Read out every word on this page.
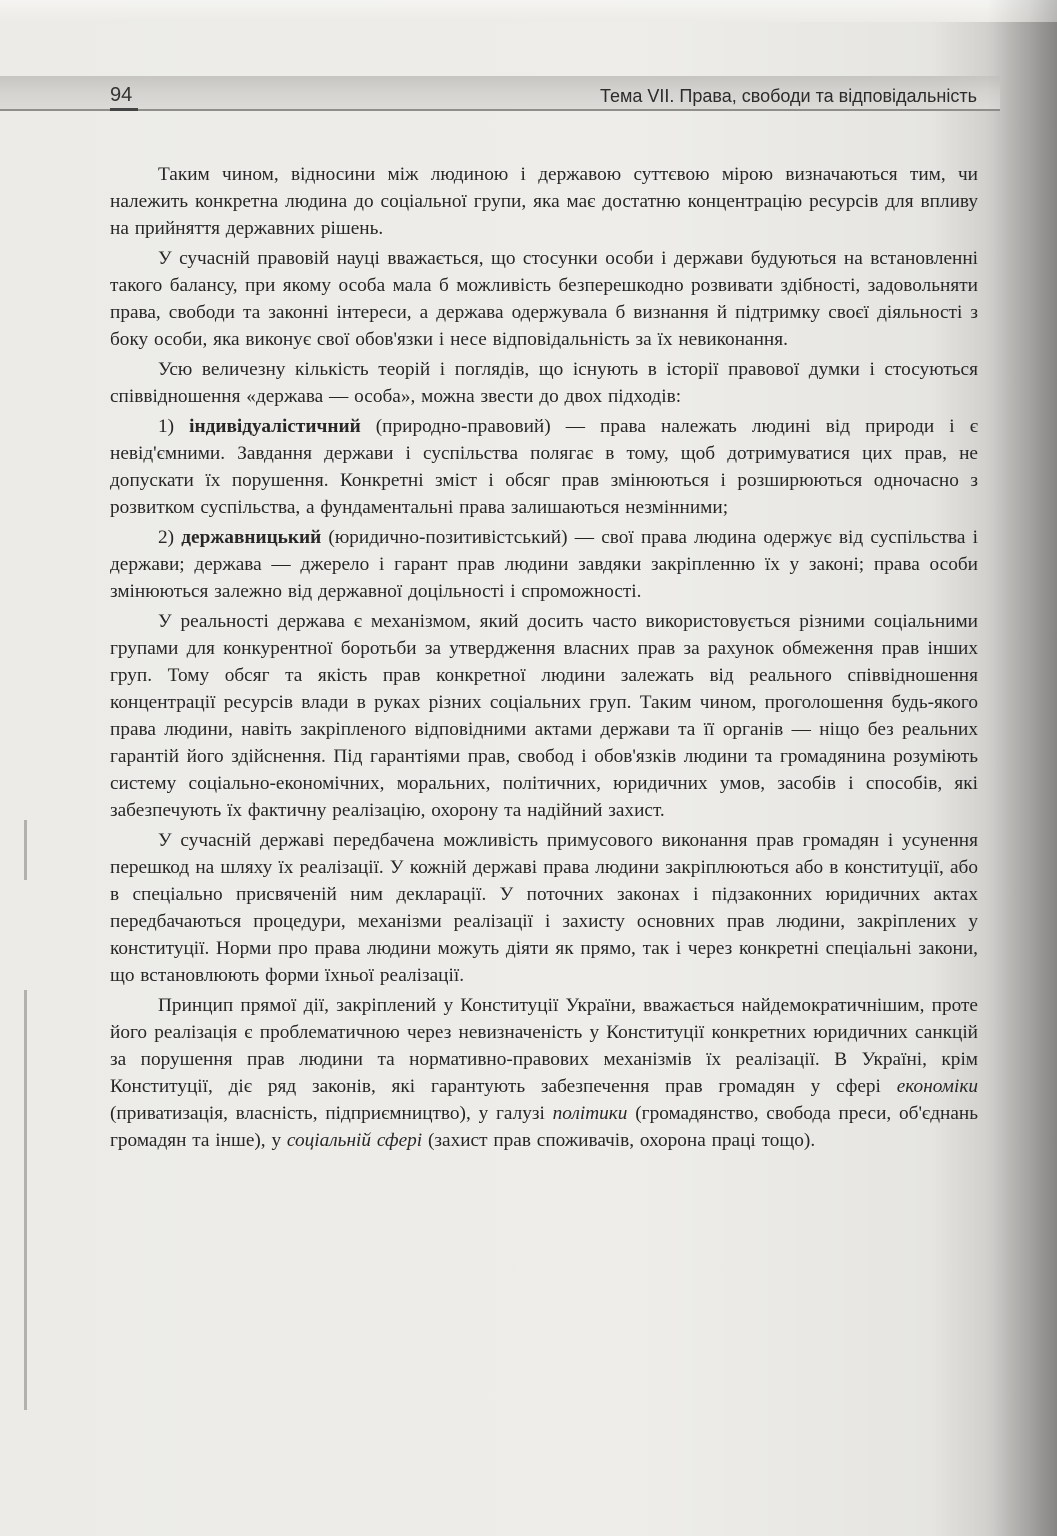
94	Тема VII. Права, свободи та відповідальність

Таким чином, відносини між людиною і державою суттєвою мірою визначаються тим, чи належить конкретна людина до соціальної групи, яка має достатню концентрацію ресурсів для впливу на прийняття державних рішень.

У сучасній правовій науці вважається, що стосунки особи і держави будуються на встановленні такого балансу, при якому особа мала б можливість безперешкодно розвивати здібності, задовольняти права, свободи та законні інтереси, а держава одержувала б визнання й підтримку своєї діяльності з боку особи, яка виконує свої обов'язки і несе відповідальність за їх невиконання.

Усю величезну кількість теорій і поглядів, що існують в історії правової думки і стосуються співвідношення «держава — особа», можна звести до двох підходів:

1) індивідуалістичний (природно-правовий) — права належать людині від природи і є невід'ємними. Завдання держави і суспільства полягає в тому, щоб дотримуватися цих прав, не допускати їх порушення. Конкретні зміст і обсяг прав змінюються і розширюються одночасно з розвитком суспільства, а фундаментальні права залишаються незмінними;

2) державницький (юридично-позитивістський) — свої права людина одержує від суспільства і держави; держава — джерело і гарант прав людини завдяки закріпленню їх у законі; права особи змінюються залежно від державної доцільності і спроможності.

У реальності держава є механізмом, який досить часто використовується різними соціальними групами для конкурентної боротьби за утвердження власних прав за рахунок обмеження прав інших груп. Тому обсяг та якість прав конкретної людини залежать від реального співвідношення концентрації ресурсів влади в руках різних соціальних груп. Таким чином, проголошення будь-якого права людини, навіть закріпленого відповідними актами держави та її органів — ніщо без реальних гарантій його здійснення. Під гарантіями прав, свобод і обов'язків людини та громадянина розуміють систему соціально-економічних, моральних, політичних, юридичних умов, засобів і способів, які забезпечують їх фактичну реалізацію, охорону та надійний захист.

У сучасній державі передбачена можливість примусового виконання прав громадян і усунення перешкод на шляху їх реалізації. У кожній державі права людини закріплюються або в конституції, або в спеціально присвяченій ним декларації. У поточних законах і підзаконних юридичних актах передбачаються процедури, механізми реалізації і захисту основних прав людини, закріплених у конституції. Норми про права людини можуть діяти як прямо, так і через конкретні спеціальні закони, що встановлюють форми їхньої реалізації.

Принцип прямої дії, закріплений у Конституції України, вважається найдемократичнішим, проте його реалізація є проблематичною через невизначеність у Конституції конкретних юридичних санкцій за порушення прав людини та нормативно-правових механізмів їх реалізації. В Україні, крім Конституції, діє ряд законів, які гарантують забезпечення прав громадян у сфері економіки (приватизація, власність, підприємництво), у галузі політики (громадянство, свобода преси, об'єднань громадян та інше), у соціальній сфері (захист прав споживачів, охорона праці тощо).
